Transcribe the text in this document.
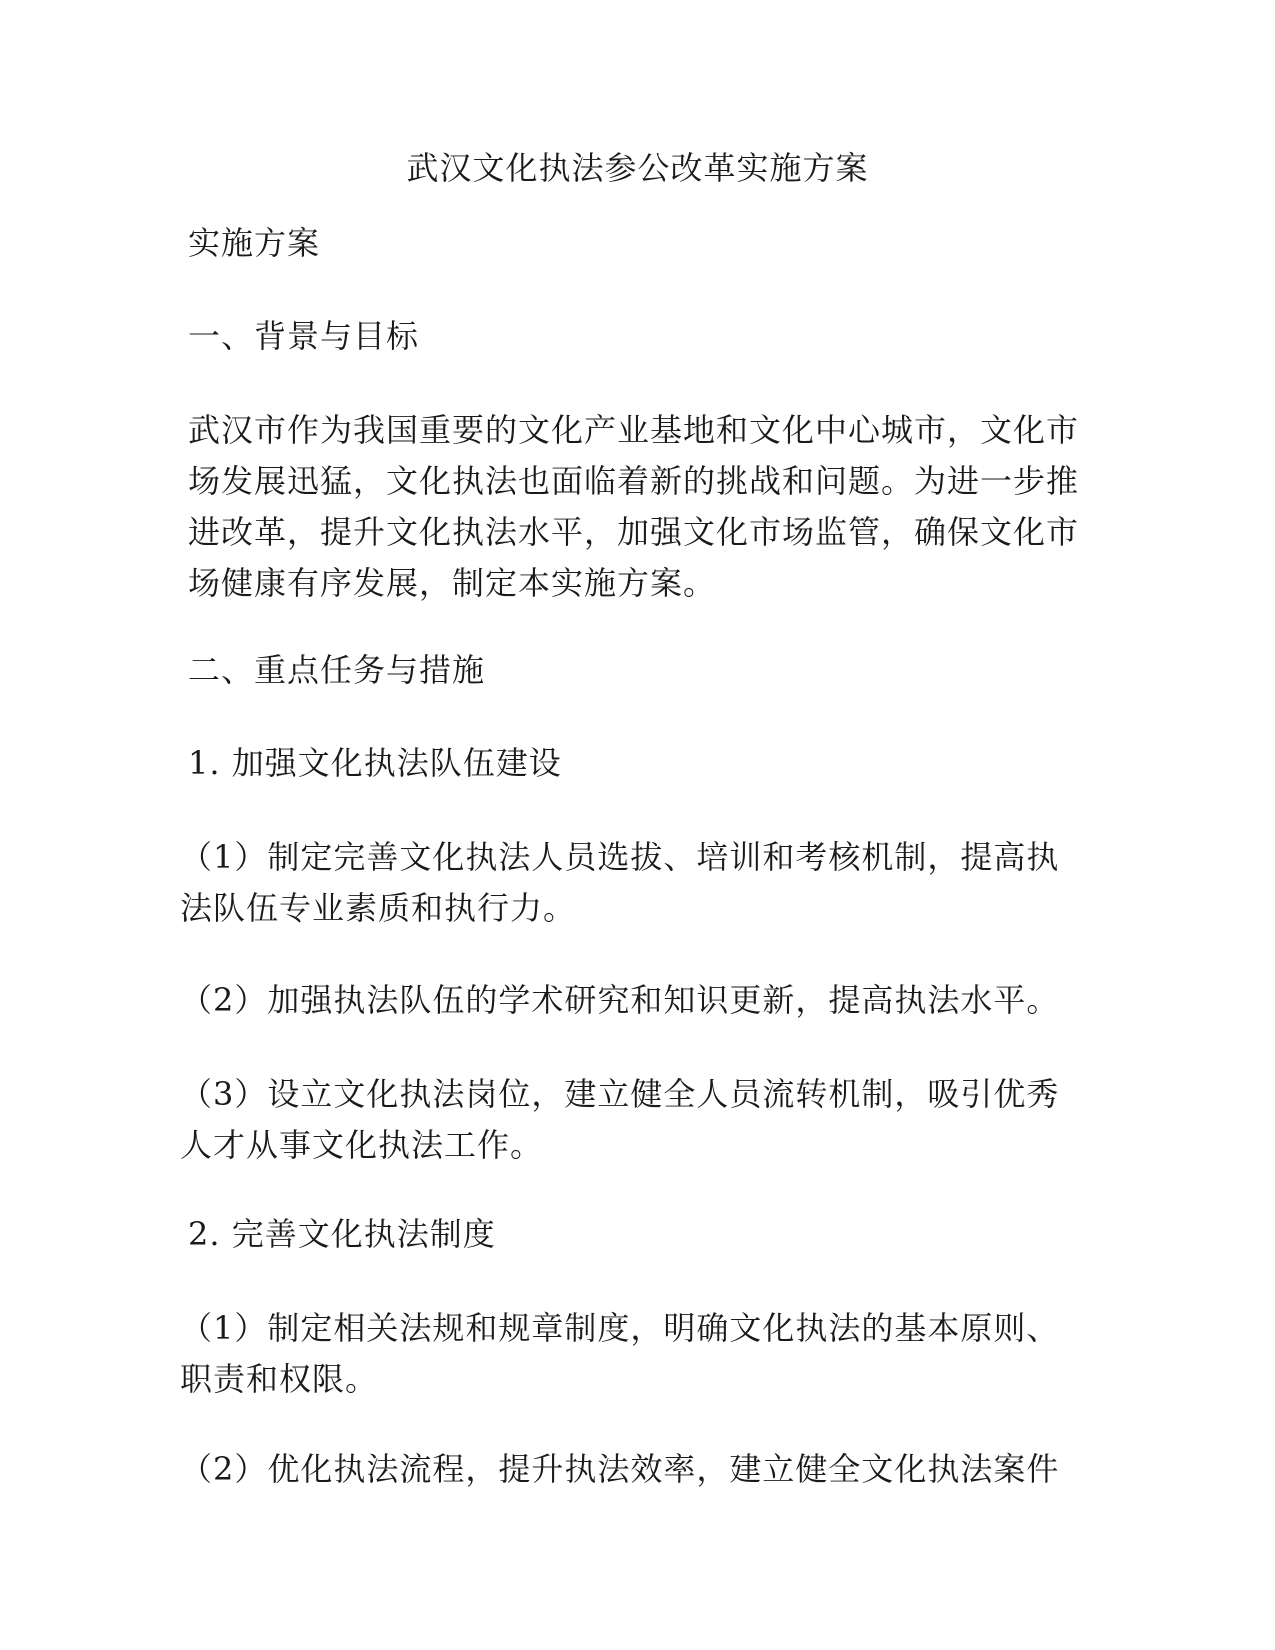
武汉文化执法参公改革实施方案

实施方案

一、背景与目标

武汉市作为我国重要的文化产业基地和文化中心城市，文化市场发展迅猛，文化执法也面临着新的挑战和问题。为进一步推进改革，提升文化执法水平，加强文化市场监管，确保文化市场健康有序发展，制定本实施方案。

二、重点任务与措施

1. 加强文化执法队伍建设

（1）制定完善文化执法人员选拔、培训和考核机制，提高执法队伍专业素质和执行力。

（2）加强执法队伍的学术研究和知识更新，提高执法水平。

（3）设立文化执法岗位，建立健全人员流转机制，吸引优秀人才从事文化执法工作。

2. 完善文化执法制度

（1）制定相关法规和规章制度，明确文化执法的基本原则、职责和权限。

（2）优化执法流程，提升执法效率，建立健全文化执法案件
